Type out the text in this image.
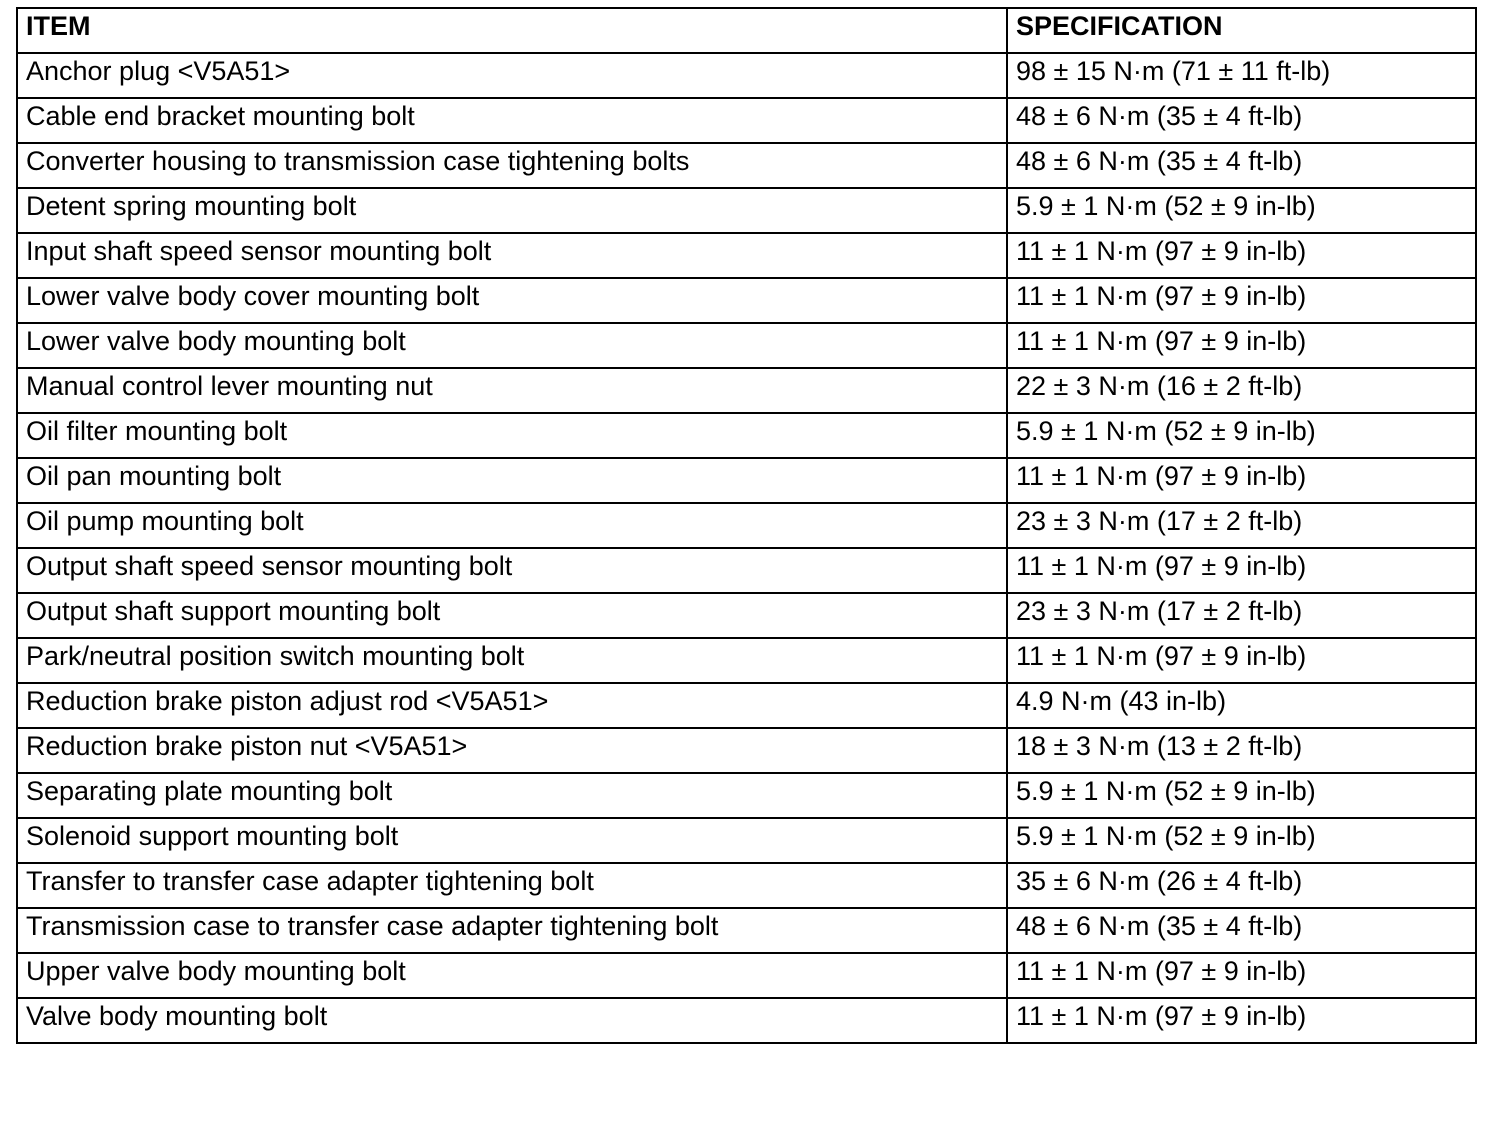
ITEM	SPECIFICATION
Anchor plug <V5A51>	98 ± 15 N·m (71 ± 11 ft-lb)
Cable end bracket mounting bolt	48 ± 6 N·m (35 ± 4 ft-lb)
Converter housing to transmission case tightening bolts	48 ± 6 N·m (35 ± 4 ft-lb)
Detent spring mounting bolt	5.9 ± 1 N·m (52 ± 9 in-lb)
Input shaft speed sensor mounting bolt	11 ± 1 N·m (97 ± 9 in-lb)
Lower valve body cover mounting bolt	11 ± 1 N·m (97 ± 9 in-lb)
Lower valve body mounting bolt	11 ± 1 N·m (97 ± 9 in-lb)
Manual control lever mounting nut	22 ± 3 N·m (16 ± 2 ft-lb)
Oil filter mounting bolt	5.9 ± 1 N·m (52 ± 9 in-lb)
Oil pan mounting bolt	11 ± 1 N·m (97 ± 9 in-lb)
Oil pump mounting bolt	23 ± 3 N·m (17 ± 2 ft-lb)
Output shaft speed sensor mounting bolt	11 ± 1 N·m (97 ± 9 in-lb)
Output shaft support mounting bolt	23 ± 3 N·m (17 ± 2 ft-lb)
Park/neutral position switch mounting bolt	11 ± 1 N·m (97 ± 9 in-lb)
Reduction brake piston adjust rod <V5A51>	4.9 N·m (43 in-lb)
Reduction brake piston nut <V5A51>	18 ± 3 N·m (13 ± 2 ft-lb)
Separating plate mounting bolt	5.9 ± 1 N·m (52 ± 9 in-lb)
Solenoid support mounting bolt	5.9 ± 1 N·m (52 ± 9 in-lb)
Transfer to transfer case adapter tightening bolt	35 ± 6 N·m (26 ± 4 ft-lb)
Transmission case to transfer case adapter tightening bolt	48 ± 6 N·m (35 ± 4 ft-lb)
Upper valve body mounting bolt	11 ± 1 N·m (97 ± 9 in-lb)
Valve body mounting bolt	11 ± 1 N·m (97 ± 9 in-lb)
